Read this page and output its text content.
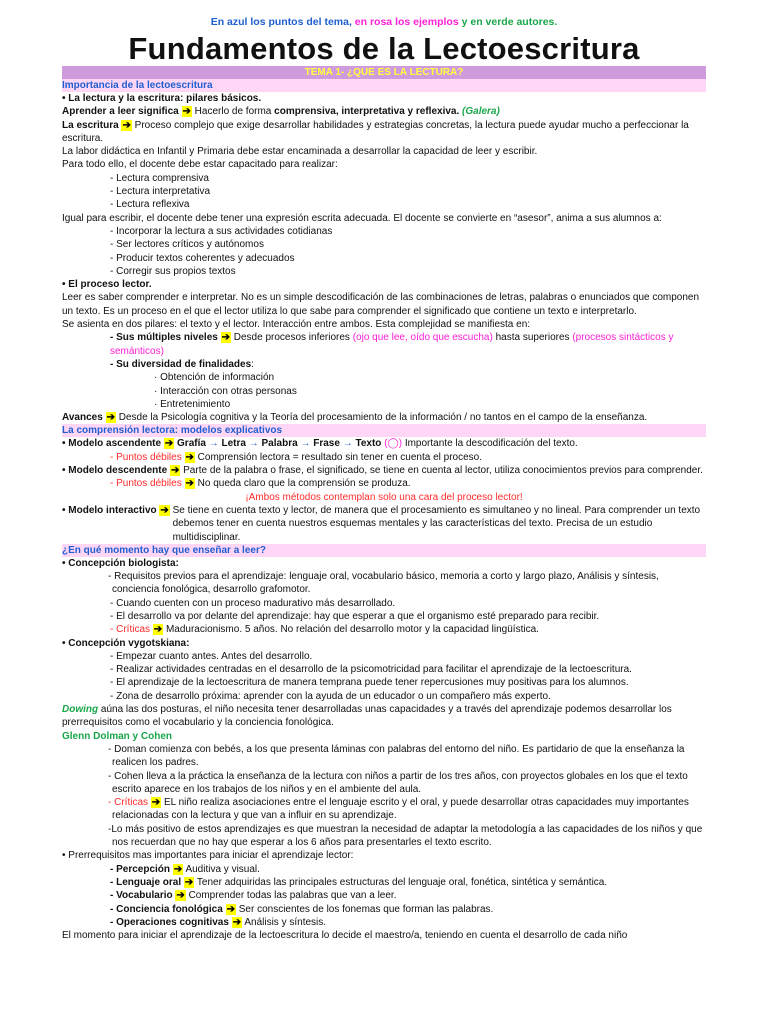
En azul los puntos del tema, en rosa los ejemplos y en verde autores.
Fundamentos de la Lectoescritura
TEMA 1- ¿QUE ES LA LECTURA?
Importancia de la lectoescritura
• La lectura y la escritura: pilares básicos.
Aprender a leer significa ➔ Hacerlo de forma comprensiva, interpretativa y reflexiva. (Galera)
La escritura ➔ Proceso complejo que exige desarrollar habilidades y estrategias concretas, la lectura puede ayudar mucho a perfeccionar la escritura.
La labor didáctica en Infantil y Primaria debe estar encaminada a desarrollar la capacidad de leer y escribir.
Para todo ello, el docente debe estar capacitado para realizar:
- Lectura comprensiva
- Lectura interpretativa
- Lectura reflexiva
Igual para escribir, el docente debe tener una expresión escrita adecuada. El docente se convierte en “asesor”, anima a sus alumnos a:
- Incorporar la lectura a sus actividades cotidianas
- Ser lectores críticos y autónomos
- Producir textos coherentes y adecuados
- Corregir sus propios textos
• El proceso lector.
Leer es saber comprender e interpretar. No es un simple descodificación de las combinaciones de letras, palabras o enunciados que componen un texto. Es un proceso en el que el lector utiliza lo que sabe para comprender el significado que contiene un texto e interpretarlo.
Se asienta en dos pilares: el texto y el lector. Interacción entre ambos. Esta complejidad se manifiesta en:
- Sus múltiples niveles ➔ Desde procesos inferiores (ojo que lee, oído que escucha) hasta superiores (procesos sintácticos y semánticos)
- Su diversidad de finalidades:
· Obtención de información
· Interacción con otras personas
· Entretenimiento
Avances ➔ Desde la Psicología cognitiva y la Teoría del procesamiento de la información / no tantos en el campo de la enseñanza.
La comprensión lectora: modelos explicativos
• Modelo ascendente ➔ Grafía → Letra → Palabra → Frase → Texto (◯) Importante la descodificación del texto.
- Puntos débiles ➔ Comprensión lectora = resultado sin tener en cuenta el proceso.
• Modelo descendente ➔ Parte de la palabra o frase, el significado, se tiene en cuenta al lector, utiliza conocimientos previos para comprender.
- Puntos débiles ➔ No queda claro que la comprensión se produza.
¡Ambos métodos contemplan solo una cara del proceso lector!
• Modelo interactivo ➔ Se tiene en cuenta texto y lector, de manera que el procesamiento es simultaneo y no lineal. Para comprender un texto debemos tener en cuenta nuestros esquemas mentales y las características del texto. Precisa de un estudio multidisciplinar.
¿En qué momento hay que enseñar a leer?
• Concepción biologista:
- Requisitos previos para el aprendizaje: lenguaje oral, vocabulario básico, memoria a corto y largo plazo, Análisis y síntesis, conciencia fonológica, desarrollo grafomotor.
- Cuando cuenten con un proceso madurativo más desarrollado.
- El desarrollo va por delante del aprendizaje: hay que esperar a que el organismo esté preparado para recibir.
- Críticas ➔ Maduracionismo. 5 años. No relación del desarrollo motor y la capacidad lingüística.
• Concepción vygotskiana:
- Empezar cuanto antes. Antes del desarrollo.
- Realizar actividades centradas en el desarrollo de la psicomotricidad para facilitar el aprendizaje de la lectoescritura.
- El aprendizaje de la lectoescritura de manera temprana puede tener repercusiones muy positivas para los alumnos.
- Zona de desarrollo próxima: aprender con la ayuda de un educador o un compañero más experto.
Dowing aúna las dos posturas, el niño necesita tener desarrolladas unas capacidades y a través del aprendizaje podemos desarrollar los prerrequisitos como el vocabulario y la conciencia fonológica.
Glenn Dolman y Cohen
- Doman comienza con bebés, a los que presenta láminas con palabras del entorno del niño. Es partidario de que la enseñanza la realicen los padres.
- Cohen lleva a la práctica la enseñanza de la lectura con niños a partir de los tres años, con proyectos globales en los que el texto escrito aparece en los trabajos de los niños y en el ambiente del aula.
- Críticas ➔ EL niño realiza asociaciones entre el lenguaje escrito y el oral, y puede desarrollar otras capacidades muy importantes relacionadas con la lectura y que van a influir en su aprendizaje.
-Lo más positivo de estos aprendizajes es que muestran la necesidad de adaptar la metodología a las capacidades de los niños y que nos recuerdan que no hay que esperar a los 6 años para presentarles el texto escrito.
• Prerrequisitos mas importantes para iniciar el aprendizaje lector:
- Percepción ➔ Auditiva y visual.
- Lenguaje oral ➔ Tener adquiridas las principales estructuras del lenguaje oral, fonética, sintética y semántica.
- Vocabulario ➔ Comprender todas las palabras que van a leer.
- Conciencia fonológica ➔ Ser conscientes de los fonemas que forman las palabras.
- Operaciones cognitivas ➔ Análisis y síntesis.
El momento para iniciar el aprendizaje de la lectoescritura lo decide el maestro/a, teniendo en cuenta el desarrollo de cada niño
